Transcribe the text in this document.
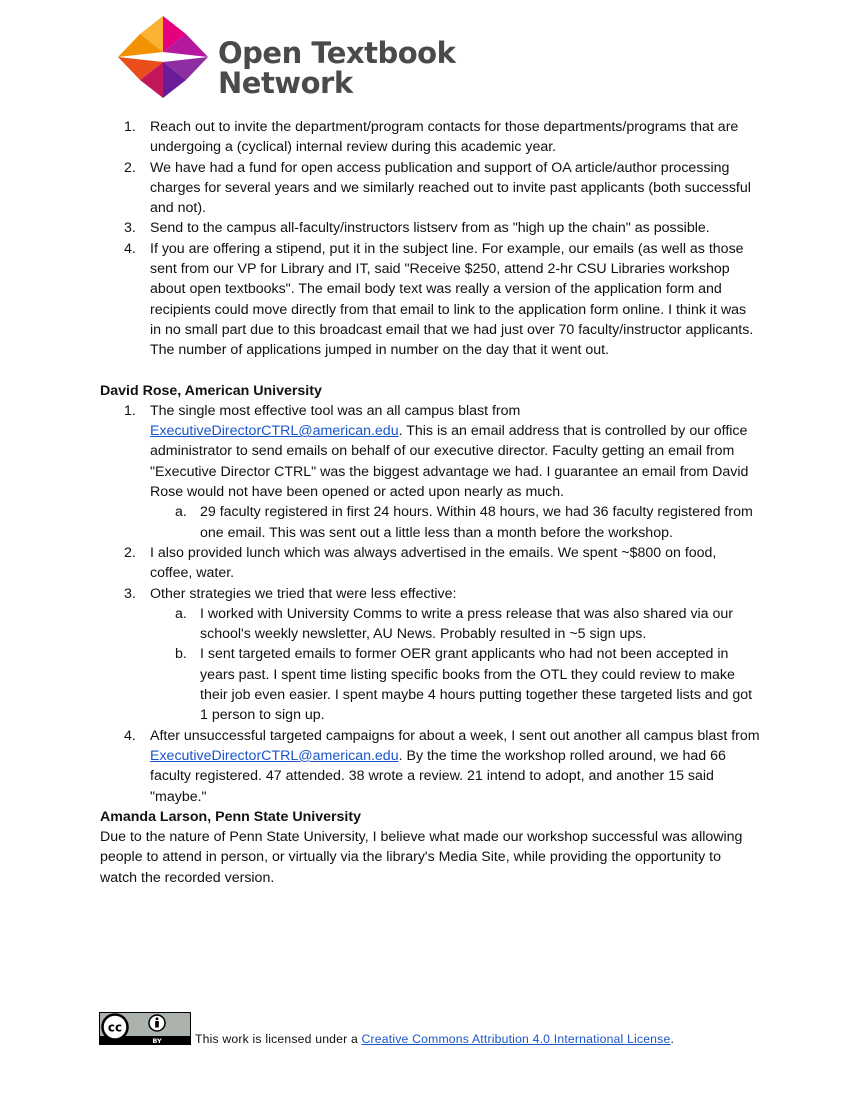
Open Textbook
Network
1. Reach out to invite the department/program contacts for those departments/programs that are undergoing a (cyclical) internal review during this academic year.
2. We have had a fund for open access publication and support of OA article/author processing charges for several years and we similarly reached out to invite past applicants (both successful and not).
3. Send to the campus all-faculty/instructors listserv from as "high up the chain" as possible.
4. If you are offering a stipend, put it in the subject line. For example, our emails (as well as those sent from our VP for Library and IT, said "Receive $250, attend 2-hr CSU Libraries workshop about open textbooks". The email body text was really a version of the application form and recipients could move directly from that email to link to the application form online. I think it was in no small part due to this broadcast email that we had just over 70 faculty/instructor applicants. The number of applications jumped in number on the day that it went out.
David Rose, American University
1. The single most effective tool was an all campus blast from ExecutiveDirectorCTRL@american.edu. This is an email address that is controlled by our office administrator to send emails on behalf of our executive director. Faculty getting an email from "Executive Director CTRL" was the biggest advantage we had. I guarantee an email from David Rose would not have been opened or acted upon nearly as much.
a. 29 faculty registered in first 24 hours. Within 48 hours, we had 36 faculty registered from one email. This was sent out a little less than a month before the workshop.
2. I also provided lunch which was always advertised in the emails. We spent ~$800 on food, coffee, water.
3. Other strategies we tried that were less effective:
a. I worked with University Comms to write a press release that was also shared via our school's weekly newsletter, AU News. Probably resulted in ~5 sign ups.
b. I sent targeted emails to former OER grant applicants who had not been accepted in years past. I spent time listing specific books from the OTL they could review to make their job even easier. I spent maybe 4 hours putting together these targeted lists and got 1 person to sign up.
4. After unsuccessful targeted campaigns for about a week, I sent out another all campus blast from ExecutiveDirectorCTRL@american.edu. By the time the workshop rolled around, we had 66 faculty registered. 47 attended. 38 wrote a review. 21 intend to adopt, and another 15 said "maybe."
Amanda Larson, Penn State University
Due to the nature of Penn State University, I believe what made our workshop successful was allowing people to attend in person, or virtually via the library's Media Site, while providing the opportunity to watch the recorded version.
cc
BY	This work is licensed under a Creative Commons Attribution 4.0 International License.
